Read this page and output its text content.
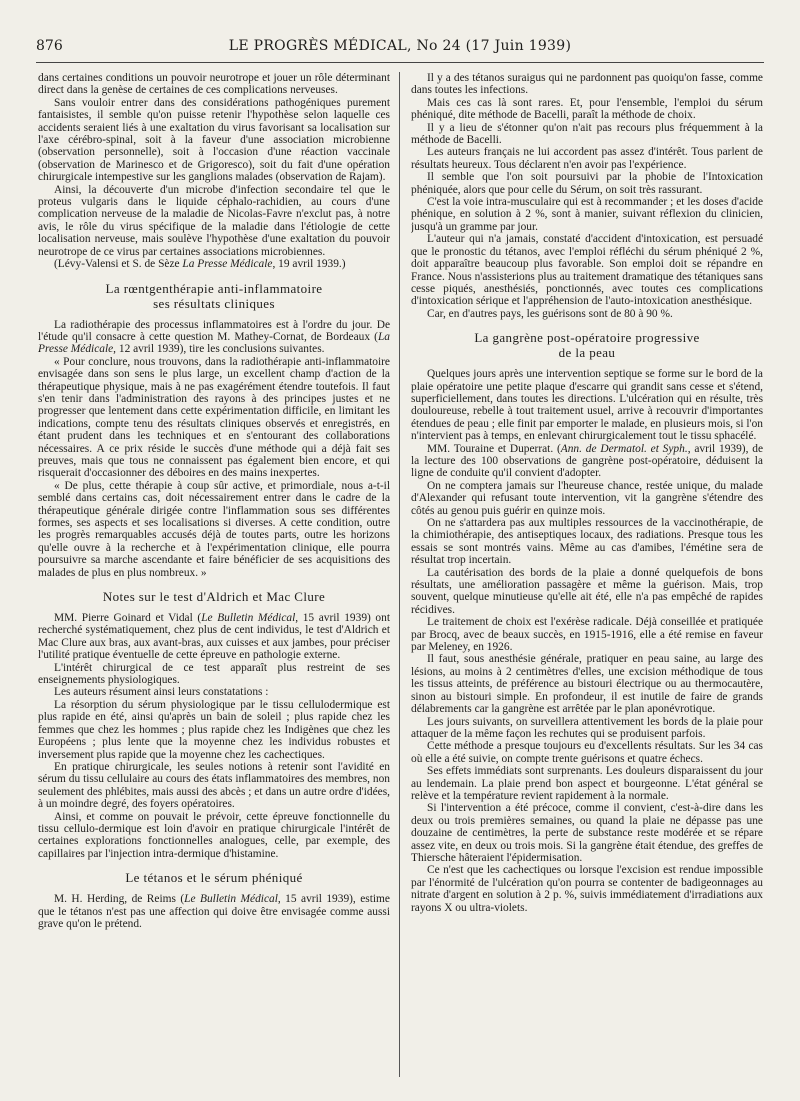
876	LE PROGRÈS MÉDICAL, No 24 (17 Juin 1939)

dans certaines conditions un pouvoir neurotrope et jouer un rôle déterminant direct dans la genèse de certaines de ces complications nerveuses.

Sans vouloir entrer dans des considérations pathogéniques purement fantaisistes, il semble qu'on puisse retenir l'hypothèse selon laquelle ces accidents seraient liés à une exaltation du virus favorisant sa localisation sur l'axe cérébro-spinal, soit à la faveur d'une association microbienne (observation personnelle), soit à l'occasion d'une réaction vaccinale (observation de Marinesco et de Grigoresco), soit du fait d'une opération chirurgicale intempestive sur les ganglions malades (observation de Rajam).

Ainsi, la découverte d'un microbe d'infection secondaire tel que le proteus vulgaris dans le liquide céphalo-rachidien, au cours d'une complication nerveuse de la maladie de Nicolas-Favre n'exclut pas, à notre avis, le rôle du virus spécifique de la maladie dans l'étiologie de cette localisation nerveuse, mais soulève l'hypothèse d'une exaltation du pouvoir neurotrope de ce virus par certaines associations microbiennes.

(Lévy-Valensi et S. de Sèze La Presse Médicale, 19 avril 1939.)

La rœntgenthérapie anti-inflammatoire
ses résultats cliniques

La radiothérapie des processus inflammatoires est à l'ordre du jour. De l'étude qu'il consacre à cette question M. Mathey-Cornat, de Bordeaux (La Presse Médicale, 12 avril 1939), tire les conclusions suivantes.

« Pour conclure, nous trouvons, dans la radiothérapie anti-inflammatoire envisagée dans son sens le plus large, un excellent champ d'action de la thérapeutique physique, mais à ne pas exagérément étendre toutefois. Il faut s'en tenir dans l'administration des rayons à des principes justes et ne progresser que lentement dans cette expérimentation difficile, en limitant les indications, compte tenu des résultats cliniques observés et enregistrés, en étant prudent dans les techniques et en s'entourant des collaborations nécessaires. A ce prix réside le succès d'une méthode qui a déjà fait ses preuves, mais que tous ne connaissent pas également bien encore, et qui risquerait d'occasionner des déboires en des mains inexpertes.

« De plus, cette thérapie à coup sûr active, et primordiale, nous a-t-il semblé dans certains cas, doit nécessairement entrer dans le cadre de la thérapeutique générale dirigée contre l'inflammation sous ses différentes formes, ses aspects et ses localisations si diverses. A cette condition, outre les progrès remarquables accusés déjà de toutes parts, outre les horizons qu'elle ouvre à la recherche et à l'expérimentation clinique, elle pourra poursuivre sa marche ascendante et faire bénéficier de ses acquisitions des malades de plus en plus nombreux. »

Notes sur le test d'Aldrich et Mac Clure

MM. Pierre Goinard et Vidal (Le Bulletin Médical, 15 avril 1939) ont recherché systématiquement, chez plus de cent individus, le test d'Aldrich et Mac Clure aux bras, aux avant-bras, aux cuisses et aux jambes, pour préciser l'utilité pratique éventuelle de cette épreuve en pathologie externe.

L'intérêt chirurgical de ce test apparaît plus restreint de ses enseignements physiologiques.

Les auteurs résument ainsi leurs constatations :

La résorption du sérum physiologique par le tissu cellulodermique est plus rapide en été, ainsi qu'après un bain de soleil ; plus rapide chez les femmes que chez les hommes ; plus rapide chez les Indigènes que chez les Européens ; plus lente que la moyenne chez les individus robustes et inversement plus rapide que la moyenne chez les cachectiques.

En pratique chirurgicale, les seules notions à retenir sont l'avidité en sérum du tissu cellulaire au cours des états inflammatoires des membres, non seulement des phlébites, mais aussi des abcès ; et dans un autre ordre d'idées, à un moindre degré, des foyers opératoires.

Ainsi, et comme on pouvait le prévoir, cette épreuve fonctionnelle du tissu cellulo-dermique est loin d'avoir en pratique chirurgicale l'intérêt de certaines explorations fonctionnelles analogues, celle, par exemple, des capillaires par l'injection intra-dermique d'histamine.

Le tétanos et le sérum phéniqué

M. H. Herding, de Reims (Le Bulletin Médical, 15 avril 1939), estime que le tétanos n'est pas une affection qui doive être envisagée comme aussi grave qu'on le prétend.

Il y a des tétanos suraigus qui ne pardonnent pas quoiqu'on fasse, comme dans toutes les infections.

Mais ces cas là sont rares. Et, pour l'ensemble, l'emploi du sérum phéniqué, dite méthode de Bacelli, paraît la méthode de choix.

Il y a lieu de s'étonner qu'on n'ait pas recours plus fréquemment à la méthode de Bacelli.

Les auteurs français ne lui accordent pas assez d'intérêt. Tous parlent de résultats heureux. Tous déclarent n'en avoir pas l'expérience.

Il semble que l'on soit poursuivi par la phobie de l'Intoxication phéniquée, alors que pour celle du Sérum, on soit très rassurant.

C'est la voie intra-musculaire qui est à recommander ; et les doses d'acide phénique, en solution à 2 %, sont à manier, suivant réflexion du clinicien, jusqu'à un gramme par jour.

L'auteur qui n'a jamais, constaté d'accident d'intoxication, est persuadé que le pronostic du tétanos, avec l'emploi réfléchi du sérum phéniqué 2 %, doit apparaître beaucoup plus favorable. Son emploi doit se répandre en France. Nous n'assisterions plus au traitement dramatique des tétaniques sans cesse piqués, anesthésiés, ponctionnés, avec toutes ces complications d'intoxication sérique et l'appréhension de l'auto-intoxication anesthésique.

Car, en d'autres pays, les guérisons sont de 80 à 90 %.

La gangrène post-opératoire progressive
de la peau

Quelques jours après une intervention septique se forme sur le bord de la plaie opératoire une petite plaque d'escarre qui grandit sans cesse et s'étend, superficiellement, dans toutes les directions. L'ulcération qui en résulte, très douloureuse, rebelle à tout traitement usuel, arrive à recouvrir d'importantes étendues de peau ; elle finit par emporter le malade, en plusieurs mois, si l'on n'intervient pas à temps, en enlevant chirurgicalement tout le tissu sphacélé.

MM. Touraine et Duperrat. (Ann. de Dermatol. et Syph., avril 1939), de la lecture des 100 observations de gangrène post-opératoire, déduisent la ligne de conduite qu'il convient d'adopter.

On ne comptera jamais sur l'heureuse chance, restée unique, du malade d'Alexander qui refusant toute intervention, vit la gangrène s'étendre des côtés au genou puis guérir en quinze mois.

On ne s'attardera pas aux multiples ressources de la vaccinothérapie, de la chimiothérapie, des antiseptiques locaux, des radiations. Presque tous les essais se sont montrés vains. Même au cas d'amibes, l'émétine sera de résultat trop incertain.

La cautérisation des bords de la plaie a donné quelquefois de bons résultats, une amélioration passagère et même la guérison. Mais, trop souvent, quelque minutieuse qu'elle ait été, elle n'a pas empêché de rapides récidives.

Le traitement de choix est l'exérèse radicale. Déjà conseillée et pratiquée par Brocq, avec de beaux succès, en 1915-1916, elle a été remise en faveur par Meleney, en 1926.

Il faut, sous anesthésie générale, pratiquer en peau saine, au large des lésions, au moins à 2 centimètres d'elles, une excision méthodique de tous les tissus atteints, de préférence au bistouri électrique ou au thermocautère, sinon au bistouri simple. En profondeur, il est inutile de faire de grands délabrements car la gangrène est arrêtée par le plan aponévrotique.

Les jours suivants, on surveillera attentivement les bords de la plaie pour attaquer de la même façon les rechutes qui se produisent parfois.

Cette méthode a presque toujours eu d'excellents résultats. Sur les 34 cas où elle a été suivie, on compte trente guérisons et quatre échecs.

Ses effets immédiats sont surprenants. Les douleurs disparaissent du jour au lendemain. La plaie prend bon aspect et bourgeonne. L'état général se relève et la température revient rapidement à la normale.

Si l'intervention a été précoce, comme il convient, c'est-à-dire dans les deux ou trois premières semaines, ou quand la plaie ne dépasse pas une douzaine de centimètres, la perte de substance reste modérée et se répare assez vite, en deux ou trois mois. Si la gangrène était étendue, des greffes de Thiersche hâteraient l'épidermisation.

Ce n'est que les cachectiques ou lorsque l'excision est rendue impossible par l'énormité de l'ulcération qu'on pourra se contenter de badigeonnages au nitrate d'argent en solution à 2 p. %, suivis immédiatement d'irradiations aux rayons X ou ultra-violets.
